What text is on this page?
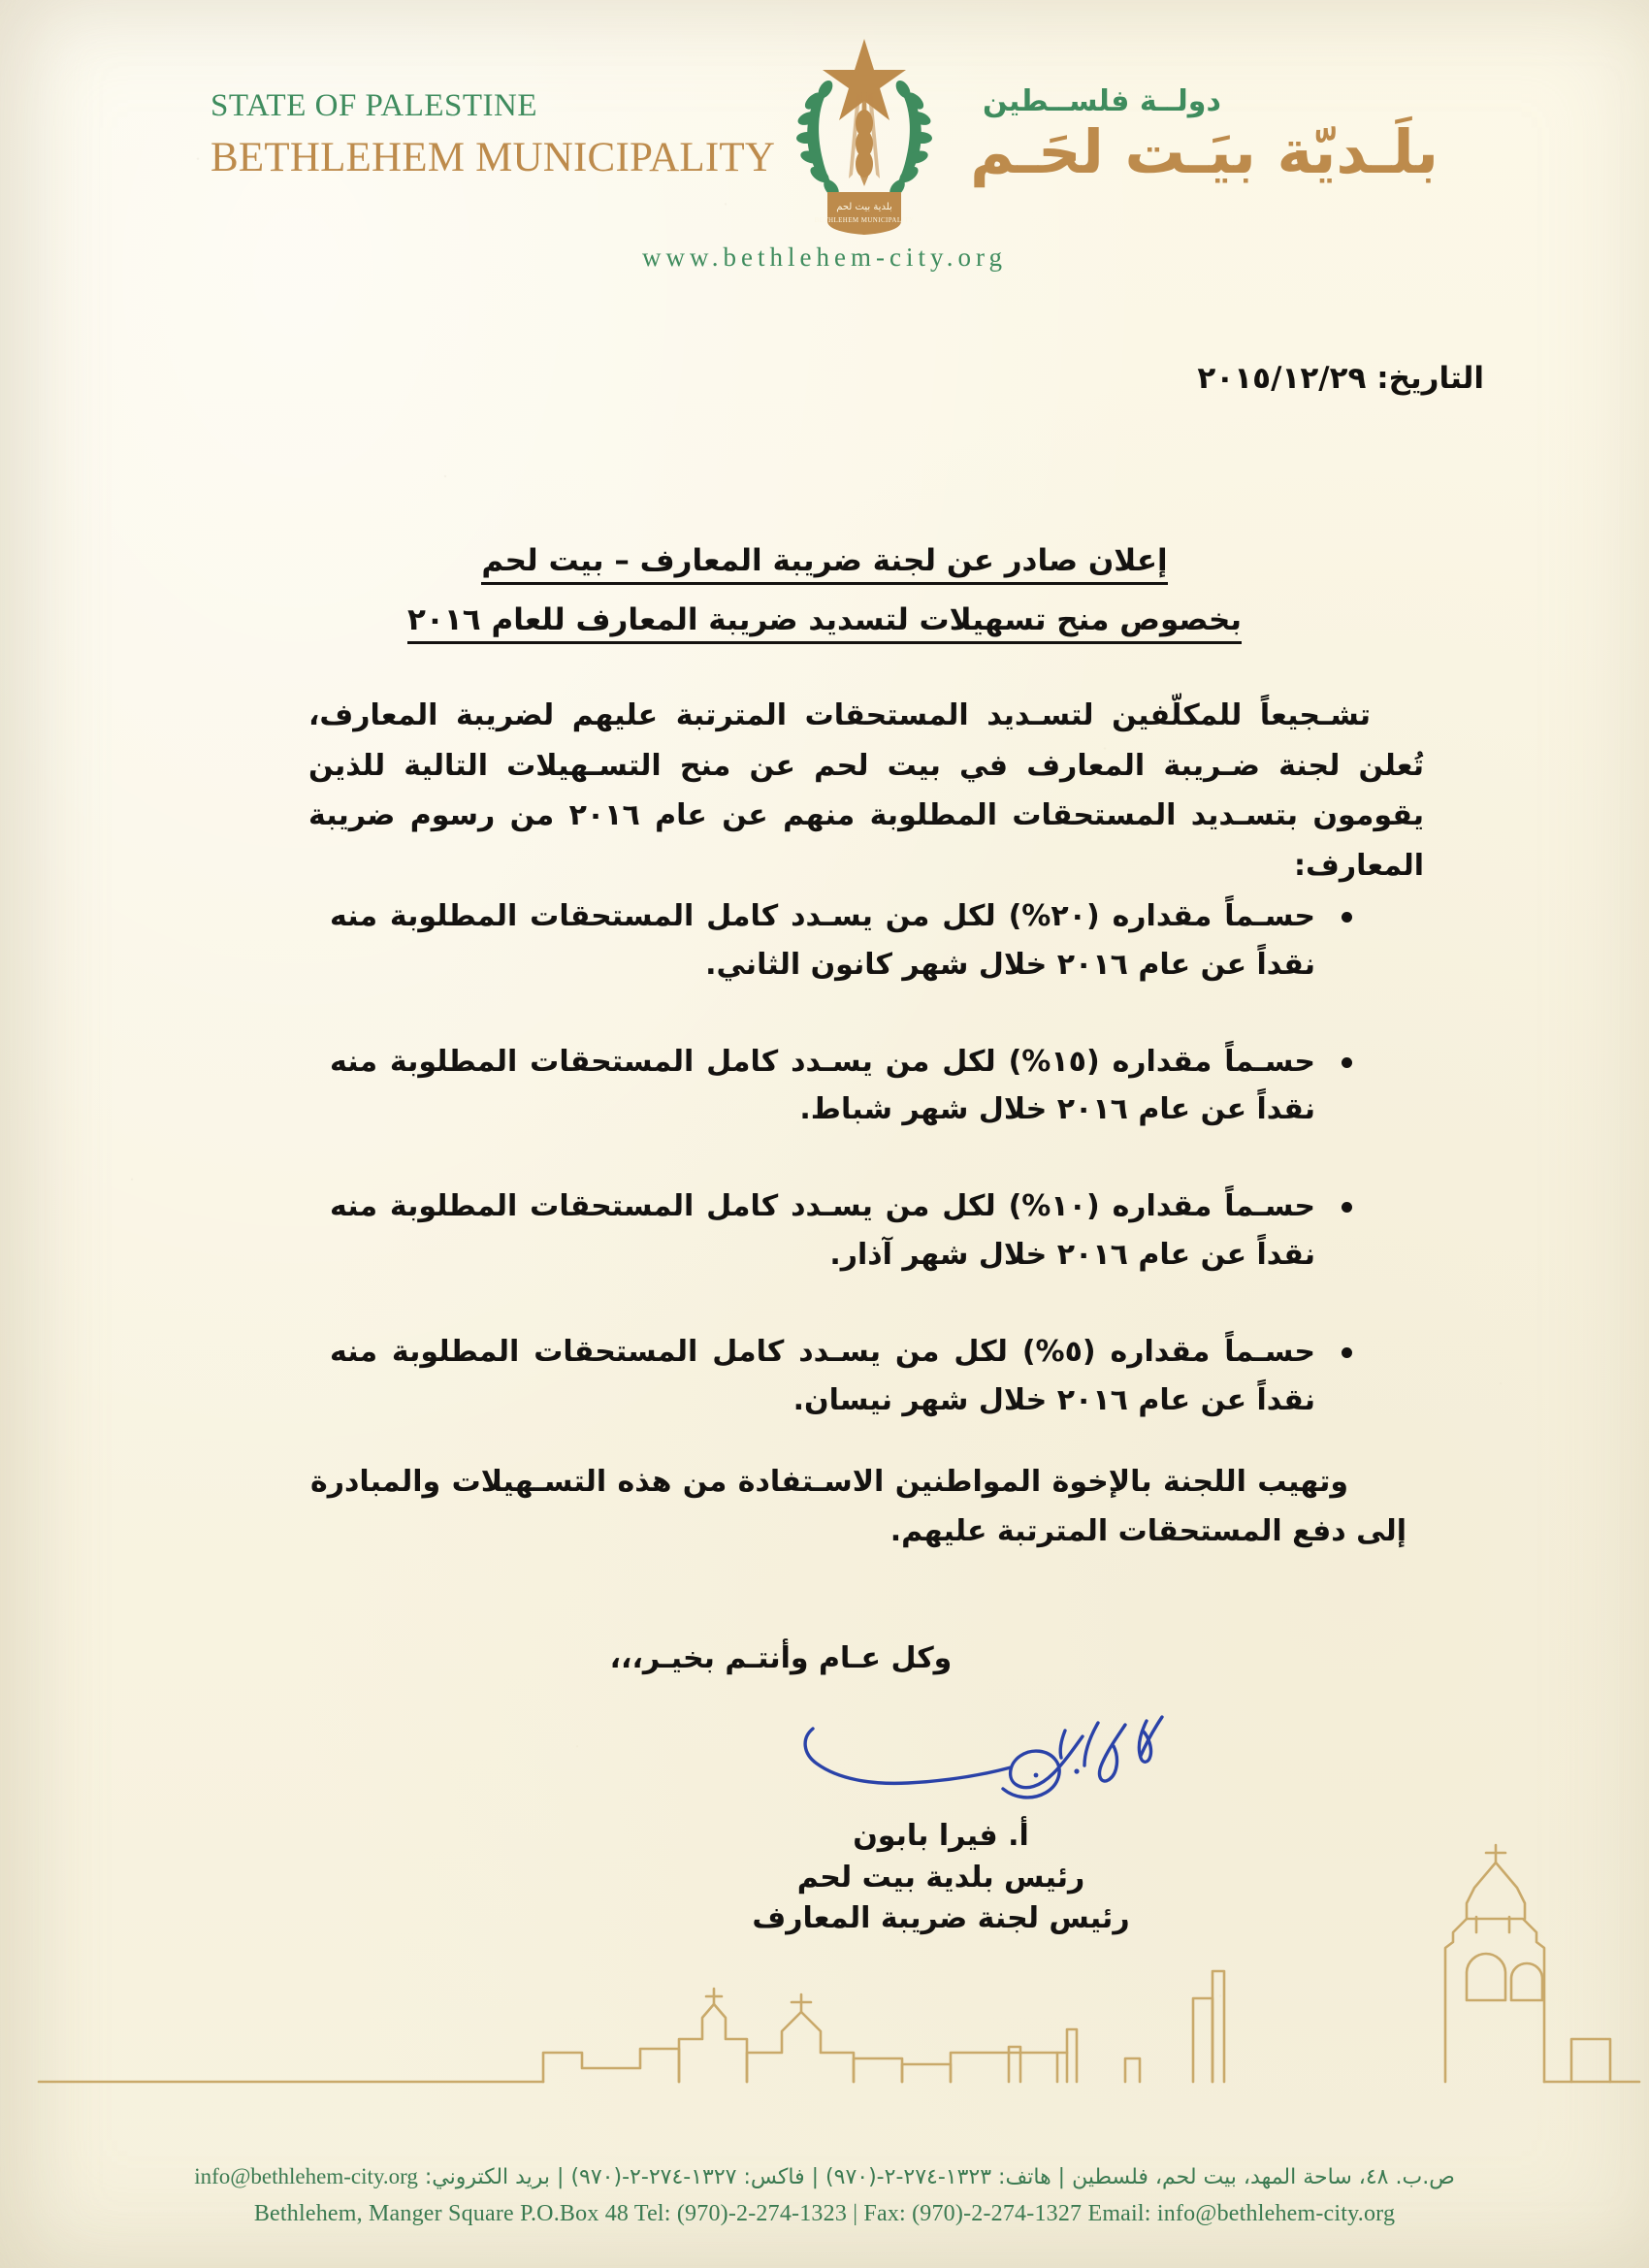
دولــة فلســطين
بلَـديّة بيَـت لحَـم
بلدية بيت لحم
BETHLEHEM MUNICIPALITY
STATE OF PALESTINE
BETHLEHEM MUNICIPALITY
www.bethlehem-city.org
التاريخ: ٢٠١٥/١٢/٢٩
إعلان صادر عن لجنة ضريبة المعارف – بيت لحم
بخصوص منح تسهيلات لتسديد ضريبة المعارف للعام ٢٠١٦
تشـجيعاً للمكلّفين لتسـديد المستحقات المترتبة عليهم لضريبة المعارف، تُعلن لجنة ضـريبة المعارف في بيت لحم عن منح التسـهيلات التالية للذين يقومون بتسـديد المستحقات المطلوبة منهم عن عام ٢٠١٦ من رسوم ضريبة المعارف:
حسـماً مقداره (٢٠%) لكل من يسـدد كامل المستحقات المطلوبة منه نقداً عن عام ٢٠١٦ خلال شهر كانون الثاني.
حسـماً مقداره (١٥%) لكل من يسـدد كامل المستحقات المطلوبة منه نقداً عن عام ٢٠١٦ خلال شهر شباط.
حسـماً مقداره (١٠%) لكل من يسـدد كامل المستحقات المطلوبة منه نقداً عن عام ٢٠١٦ خلال شهر آذار.
حسـماً مقداره (٥%) لكل من يسـدد كامل المستحقات المطلوبة منه نقداً عن عام ٢٠١٦ خلال شهر نيسان.
وتهيب اللجنة بالإخوة المواطنين الاسـتفادة من هذه التسـهيلات والمبادرة إلى دفع المستحقات المترتبة عليهم.
وكل عـام وأنتـم بخيـر،،،
أ. فيرا بابون
رئيس بلدية بيت لحم
رئيس لجنة ضريبة المعارف
ص.ب. ٤٨، ساحة المهد، بيت لحم، فلسطين | هاتف: ١٣٢٣-٢٧٤-٢-(٩٧٠) | فاكس: ١٣٢٧-٢٧٤-٢-(٩٧٠) | بريد الكتروني: info@bethlehem-city.org
Bethlehem, Manger Square P.O.Box 48 Tel: (970)-2-274-1323 | Fax: (970)-2-274-1327 Email: info@bethlehem-city.org
